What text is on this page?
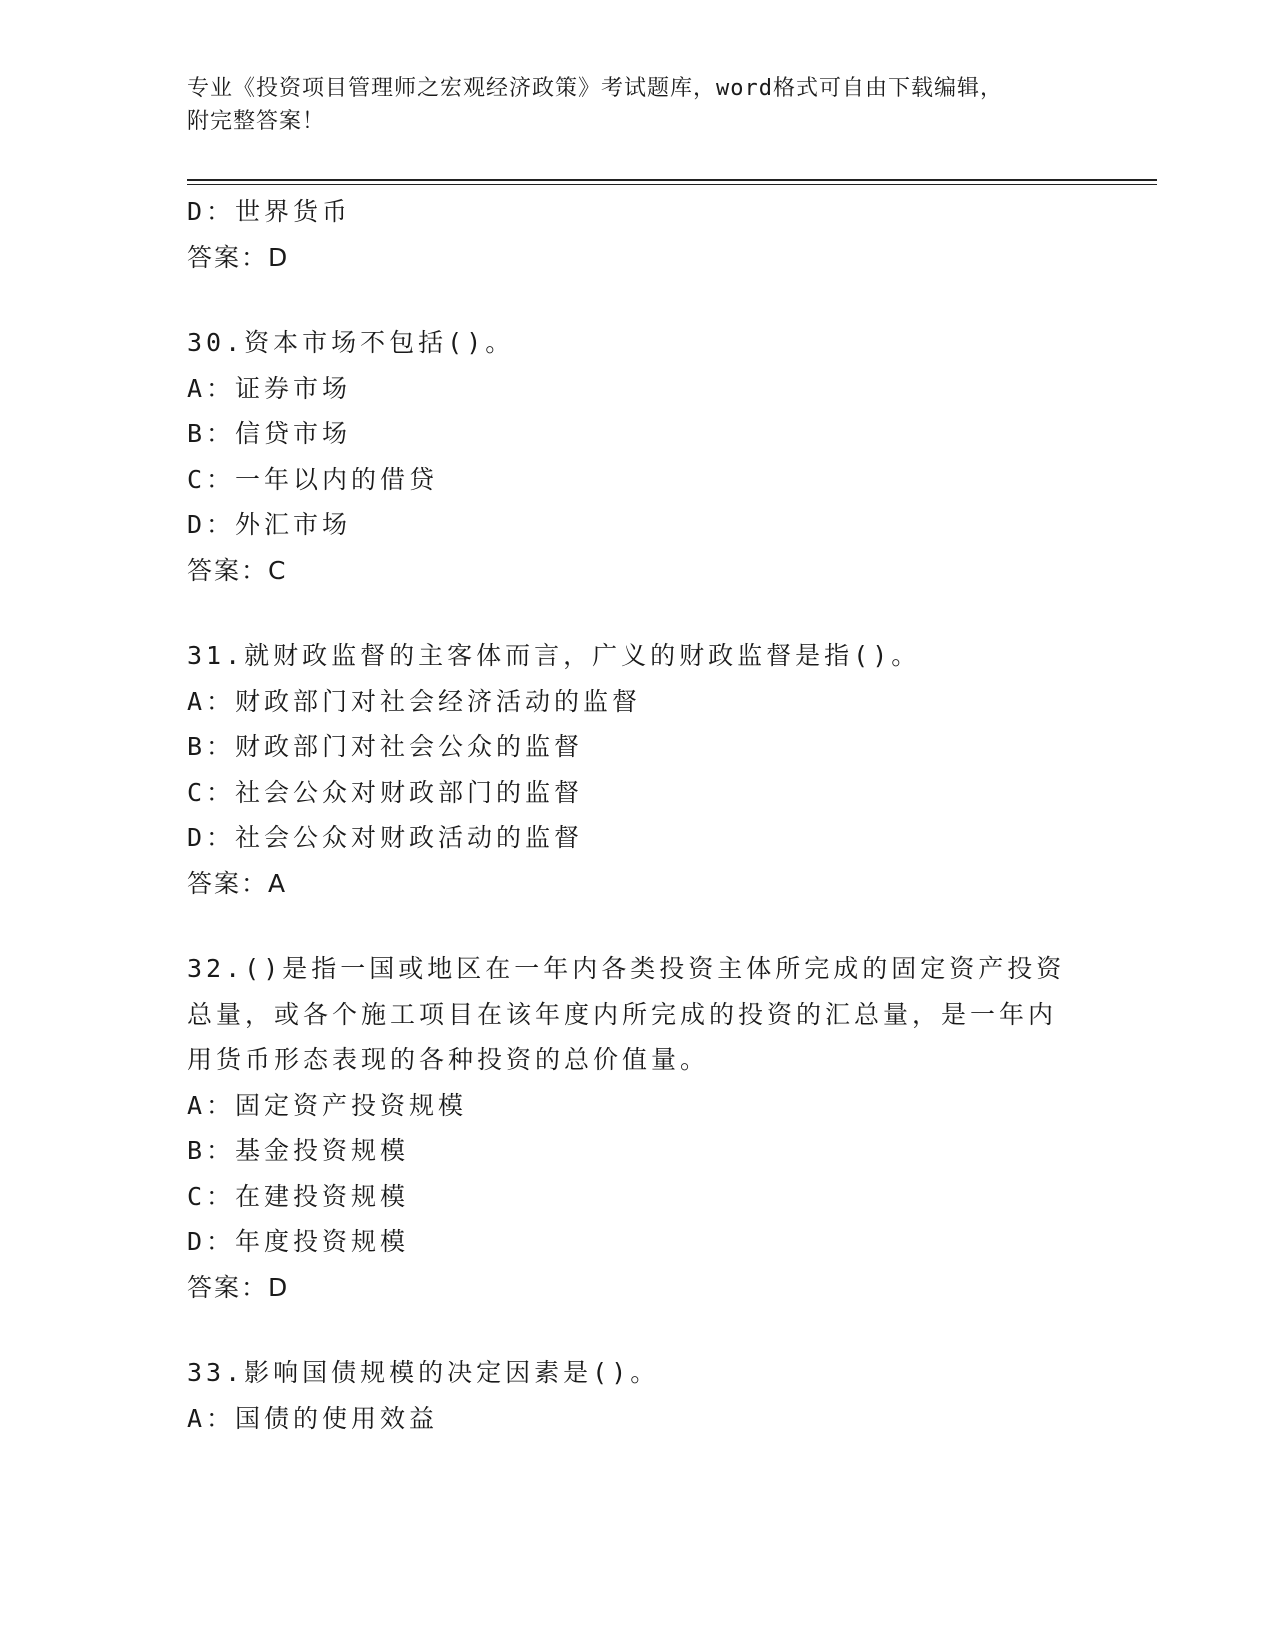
专业《投资项目管理师之宏观经济政策》考试题库，word格式可自由下载编辑，
附完整答案！
D：世界货币
答案：D
30.资本市场不包括()。
A：证券市场
B：信贷市场
C：一年以内的借贷
D：外汇市场
答案：C
31.就财政监督的主客体而言，广义的财政监督是指()。
A：财政部门对社会经济活动的监督
B：财政部门对社会公众的监督
C：社会公众对财政部门的监督
D：社会公众对财政活动的监督
答案：A
32.()是指一国或地区在一年内各类投资主体所完成的固定资产投资总量，或各个施工项目在该年度内所完成的投资的汇总量，是一年内用货币形态表现的各种投资的总价值量。
A：固定资产投资规模
B：基金投资规模
C：在建投资规模
D：年度投资规模
答案：D
33.影响国债规模的决定因素是()。
A：国债的使用效益
